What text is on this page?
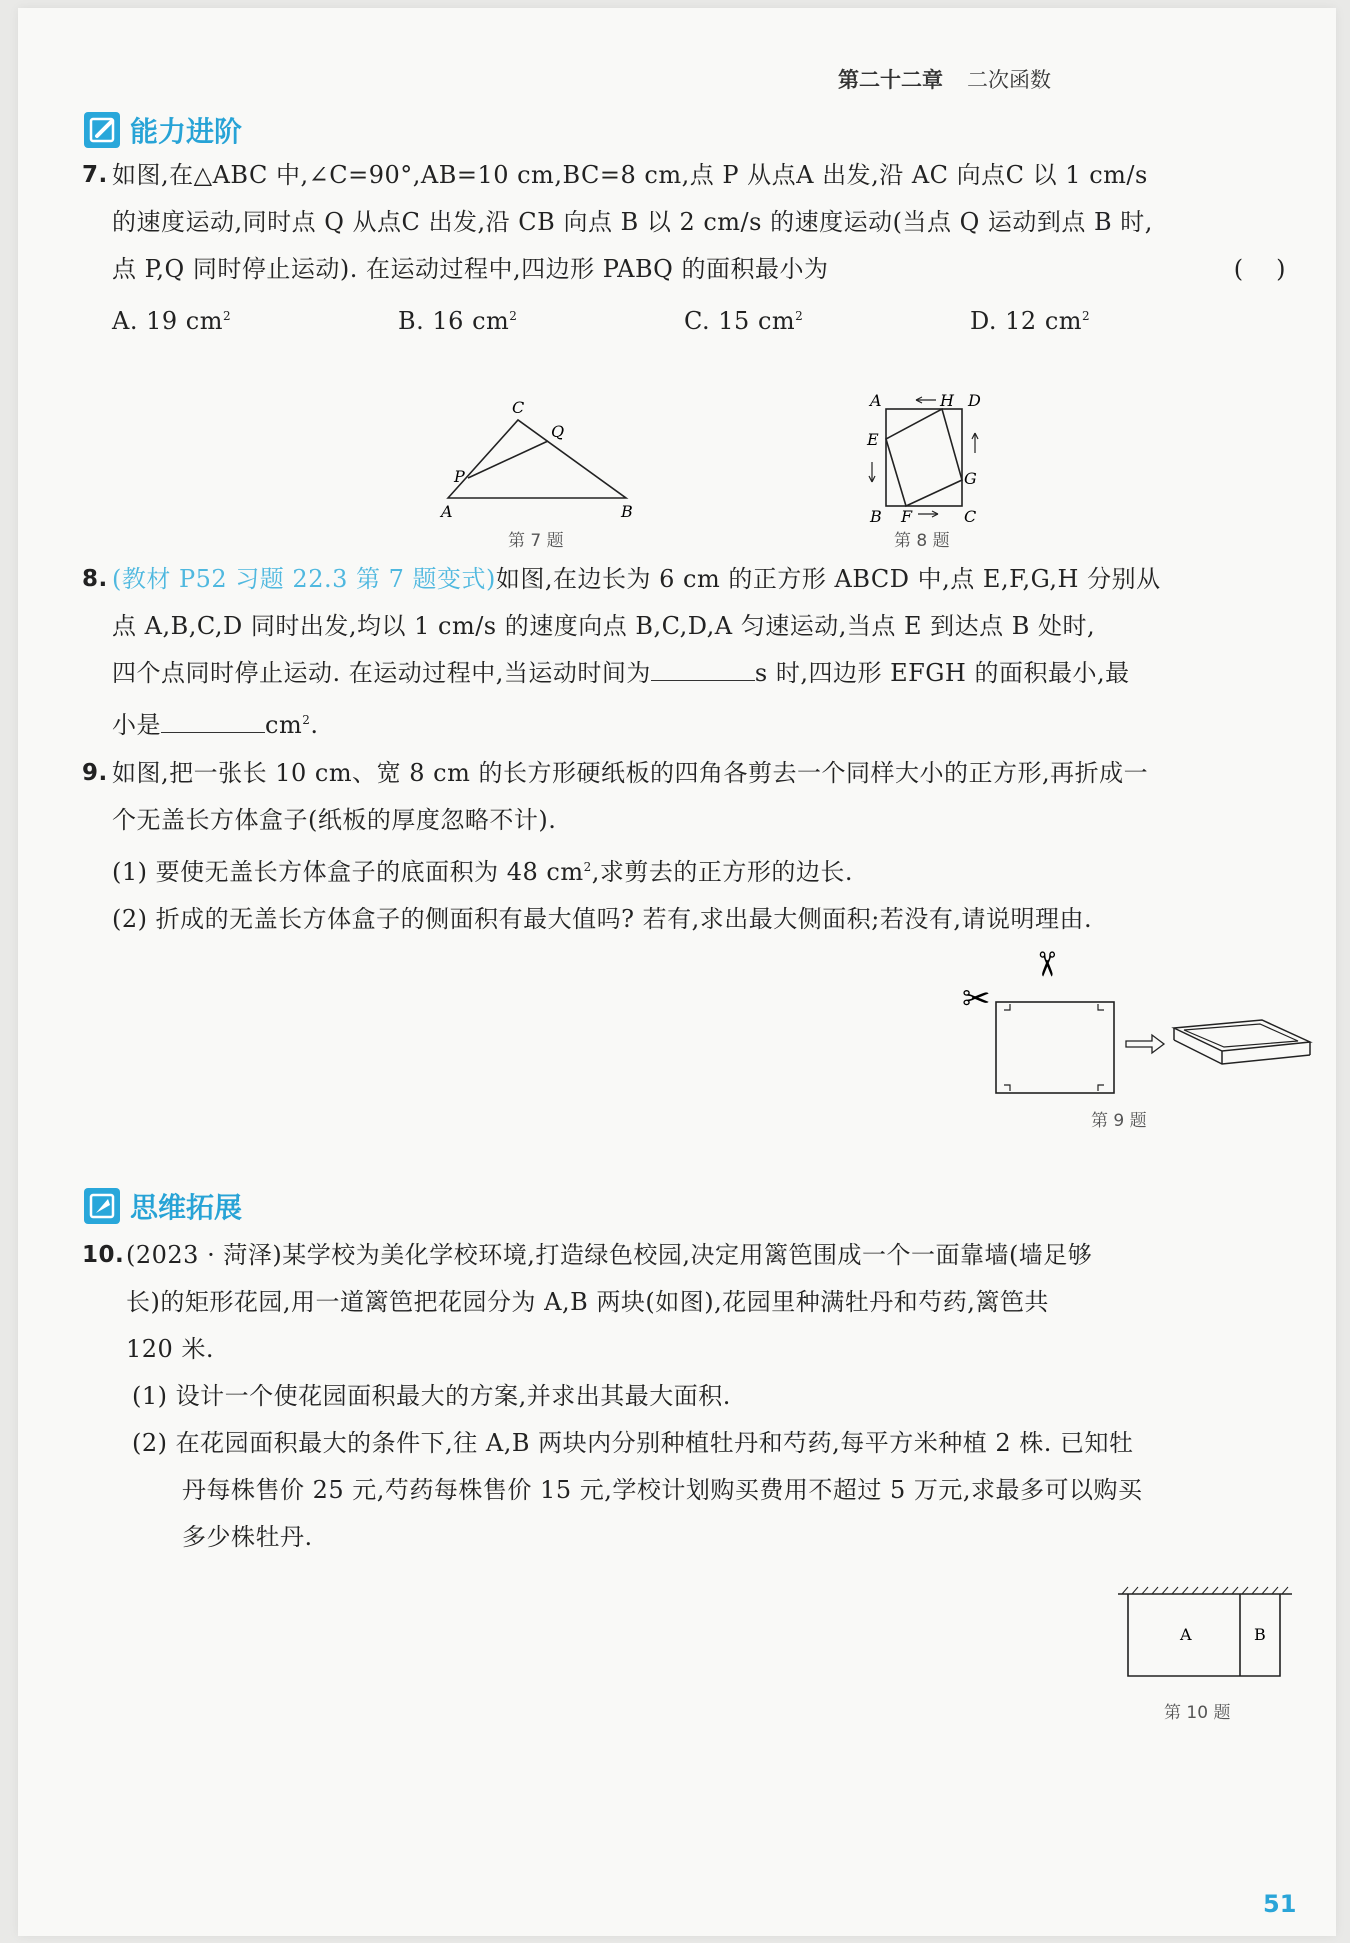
第二十二章 二次函数
能力进阶
7. 如图,在△ABC 中,∠C=90°,AB=10 cm,BC=8 cm,点 P 从点A 出发,沿 AC 向点C 以 1 cm/s
的速度运动,同时点 Q 从点C 出发,沿 CB 向点 B 以 2 cm/s 的速度运动(当点 Q 运动到点 B 时,
点 P,Q 同时停止运动). 在运动过程中,四边形 PABQ 的面积最小为	(    )
A. 19 $cm^2$	B. 16 $cm^2$	C. 15 $cm^2$	D. 12 $cm^2$
C
Q
P
A	B
第 7 题
A	H D
E
G
B F	C
第 8 题
8. (教材 P52 习题 22.3 第 7 题变式)如图,在边长为 6 cm 的正方形 ABCD 中,点 E,F,G,H 分别从
点 A,B,C,D 同时出发,均以 1 cm/s 的速度向点 B,C,D,A 匀速运动,当点 E 到达点 B 处时,
四个点同时停止运动. 在运动过程中,当运动时间为	s 时,四边形 EFGH 的面积最小,最
小是	$cm^2$.
9. 如图,把一张长 10 cm、宽 8 cm 的长方形硬纸板的四角各剪去一个同样大小的正方形,再折成一
个无盖长方体盒子(纸板的厚度忽略不计).
(1) 要使无盖长方体盒子的底面积为 48 $cm^2$,求剪去的正方形的边长.
(2) 折成的无盖长方体盒子的侧面积有最大值吗? 若有,求出最大侧面积;若没有,请说明理由.
✂
✂
第 9 题
思维拓展
10. (2023 · 菏泽)某学校为美化学校环境,打造绿色校园,决定用篱笆围成一个一面靠墙(墙足够
长)的矩形花园,用一道篱笆把花园分为 A,B 两块(如图),花园里种满牡丹和芍药,篱笆共
120 米.
(1) 设计一个使花园面积最大的方案,并求出其最大面积.
(2) 在花园面积最大的条件下,往 A,B 两块内分别种植牡丹和芍药,每平方米种植 2 株. 已知牡
丹每株售价 25 元,芍药每株售价 15 元,学校计划购买费用不超过 5 万元,求最多可以购买
多少株牡丹.
A	B
第 10 题
51
